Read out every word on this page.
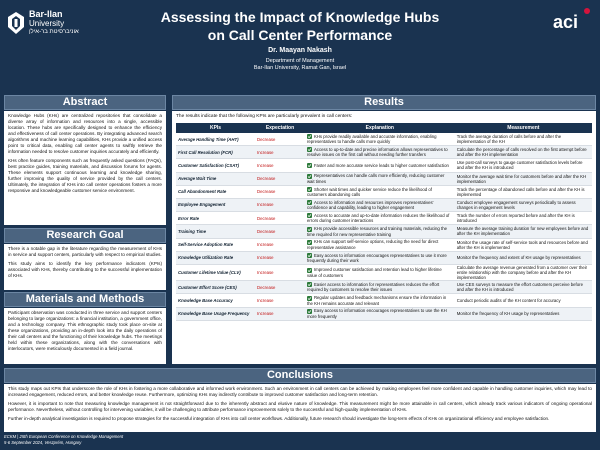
Bar-Ilan
University
אוניברסיטת בר-אילן
Assessing the Impact of Knowledge Hubs
on Call Center Performance
Dr. Maayan Nakash
Department of Management
Bar-Ilan University, Ramat Gan, Israel
aci
Abstract

Knowledge Hubs (KHs) are centralized repositories that consolidate a diverse array of information and resources into a single, accessible location. These hubs are specifically designed to enhance the efficiency and effectiveness of call center operations. By integrating advanced search algorithms and machine learning capabilities, KHs provide a unified access point to critical data, enabling call center agents to swiftly retrieve the information needed to resolve customer inquiries accurately and efficiently.

KHs often feature components such as frequently asked questions (FAQs), best practice guides, training materials, and discussion forums for agents. These elements support continuous learning and knowledge sharing, further improving the quality of service provided by the call centers. Ultimately, the integration of KHs into call center operations fosters a more responsive and knowledgeable customer service environment.

Research Goal

There is a notable gap in the literature regarding the measurement of KHs in service and support centers, particularly with respect to empirical studies.

This study aims to identify the key performance indicators (KPIs) associated with KHs, thereby contributing to the successful implementation of KHs.

Materials and Methods

Participant observation was conducted in three service and support centers belonging to large organizations: a financial institution, a government office, and a technology company. This ethnographic study took place on-site at these organizations, providing an in-depth look into the daily operations of their call centers and the functioning of their knowledge hubs. The meetings held within these organizations, along with the conversations with interlocutors, were meticulously documented in a field journal.

Results
The results indicate that the following KPIs are particularly prevalent in call centers:
KPIs	Expectation	Explanation	Measurement
Average Handling Time (AHT)	Decrease	KHs provide readily available and accurate information, enabling representatives to handle calls more quickly	Track the average duration of calls before and after the implementation of the KH
First Call Resolution (FCR)	Increase	Access to up-to-date and precise information allows representatives to resolve issues on the first call without needing further transfers	Calculate the percentage of calls resolved on the first attempt before and after the KH implementation
Customer Satisfaction (CSAT)	Increase	Faster and more accurate service leads to higher customer satisfaction	Use post-call surveys to gauge customer satisfaction levels before and after the KH is introduced
Average Wait Time	Decrease	Representatives can handle calls more efficiently, reducing customer wait times	Monitor the average wait time for customers before and after the KH implementation
Call Abandonment Rate	Decrease	Shorter wait times and quicker service reduce the likelihood of customers abandoning calls	Track the percentage of abandoned calls before and after the KH is implemented
Employee Engagement	Increase	Access to information and resources improves representatives' confidence and capability, leading to higher engagement	Conduct employee engagement surveys periodically to assess changes in engagement levels
Error Rate	Decrease	Access to accurate and up-to-date information reduces the likelihood of errors during customer interactions	Track the number of errors reported before and after the KH is introduced
Training Time	Decrease	KHs provide accessible resources and training materials, reducing the time required for new representative training	Measure the average training duration for new employees before and after the KH implementation
Self-Service Adoption Rate	Increase	KHs can support self-service options, reducing the need for direct representative assistance	Monitor the usage rate of self-service tools and resources before and after the KH is implemented
Knowledge Utilization Rate	Increase	Easy access to information encourages representatives to use it more frequently during their work	Monitor the frequency and extent of KH usage by representatives
Customer Lifetime Value (CLV)	Increase	Improved customer satisfaction and retention lead to higher lifetime value of customers	Calculate the average revenue generated from a customer over their entire relationship with the company before and after the KH implementation
Customer Effort Score (CES)	Decrease	Easier access to information for representatives reduces the effort required by customers to resolve their issues	Use CES surveys to measure the effort customers perceive before and after the KH is introduced
Knowledge Base Accuracy	Increase	Regular updates and feedback mechanisms ensure the information in the KH remains accurate and relevant	Conduct periodic audits of the KH content for accuracy
Knowledge Base Usage Frequency	Increase	Easy access to information encourages representatives to use the KH more frequently	Monitor the frequency of KH usage by representatives
Conclusions

This study maps out KPIs that underscore the role of KHs in fostering a more collaborative and informed work environment. Such an environment in call centers can be achieved by making employees feel more confident and capable in handling customer inquiries, which may lead to increased engagement, reduced errors, and better knowledge reuse. Furthermore, optimizing KHs may indirectly contribute to improved customer satisfaction and long-term retention.

However, it is important to note that measuring knowledge management is not straightforward due to the inherently abstract and elusive nature of knowledge. This measurement might be more attainable in call centers, which already track various indicators of ongoing operational performance. Nevertheless, without controlling for intervening variables, it will be challenging to attribute performance improvements solely to the successful and high-quality implementation of KHs.

Further in-depth analytical investigation is required to propose strategies for the successful integration of KHs into call center workflows. Additionally, future research should investigate the long-term effects of KHs on organizational efficiency and employee satisfaction.

ECKM | 25th European Conference on Knowledge Management
5-6 September 2024, Veszprém, Hungary
